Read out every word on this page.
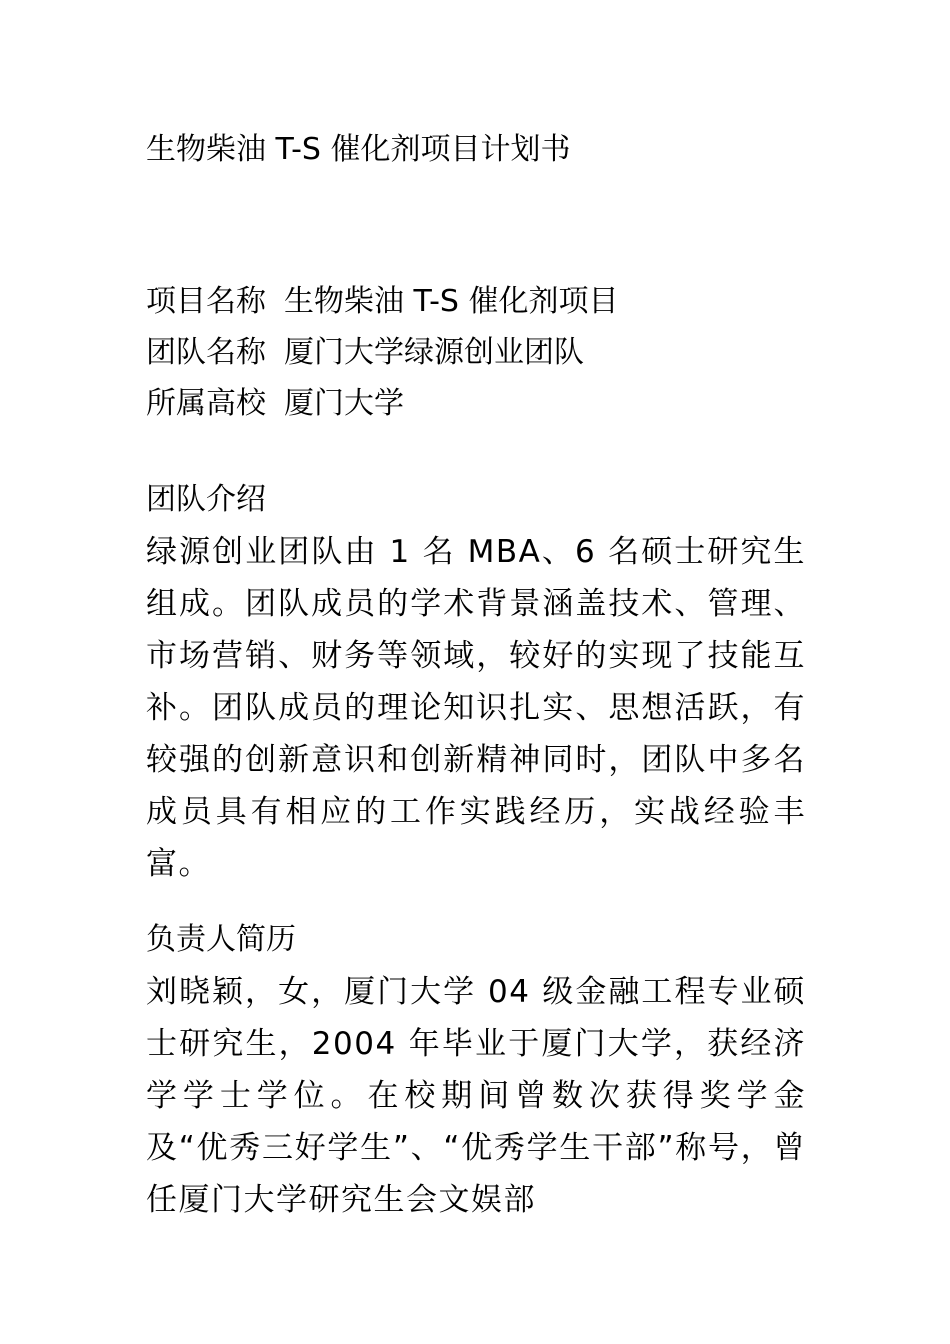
生物柴油 T-S 催化剂项目计划书
项目名称 生物柴油 T-S 催化剂项目
团队名称 厦门大学绿源创业团队
所属高校 厦门大学
团队介绍

绿源创业团队由 1 名 MBA、6 名硕士研究生组成。团队成员的学术背景涵盖技术、管理、市场营销、财务等领域，较好的实现了技能互补。团队成员的理论知识扎实、思想活跃，有较强的创新意识和创新精神同时，团队中多名成员具有相应的工作实践经历，实战经验丰富。

负责人简历

刘晓颖，女，厦门大学 04 级金融工程专业硕士研究生，2004 年毕业于厦门大学，获经济学学士学位。在校期间曾数次获得奖学金及“优秀三好学生”、“优秀学生干部”称号，曾任厦门大学研究生会文娱部
